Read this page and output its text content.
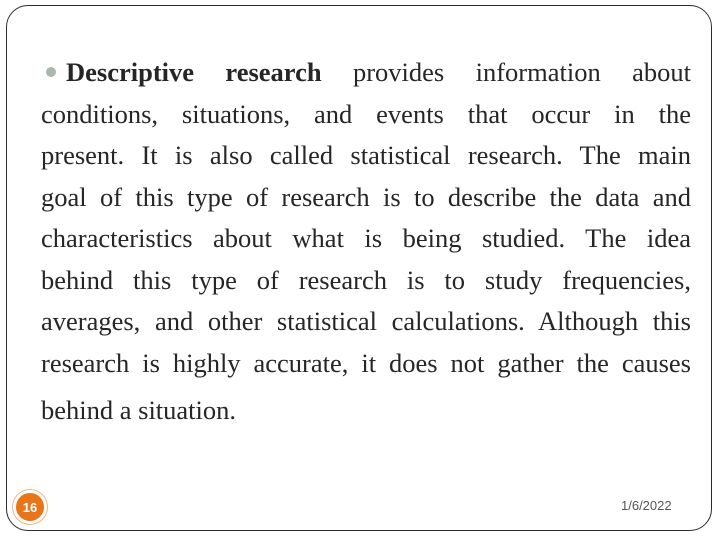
Descriptive research provides information about
conditions, situations, and events that occur in the
present. It is also called statistical research. The main
goal of this type of research is to describe the data and
characteristics about what is being studied. The idea
behind this type of research is to study frequencies,
averages, and other statistical calculations. Although this
research is highly accurate, it does not gather the causes
behind a situation.
16	1/6/2022
